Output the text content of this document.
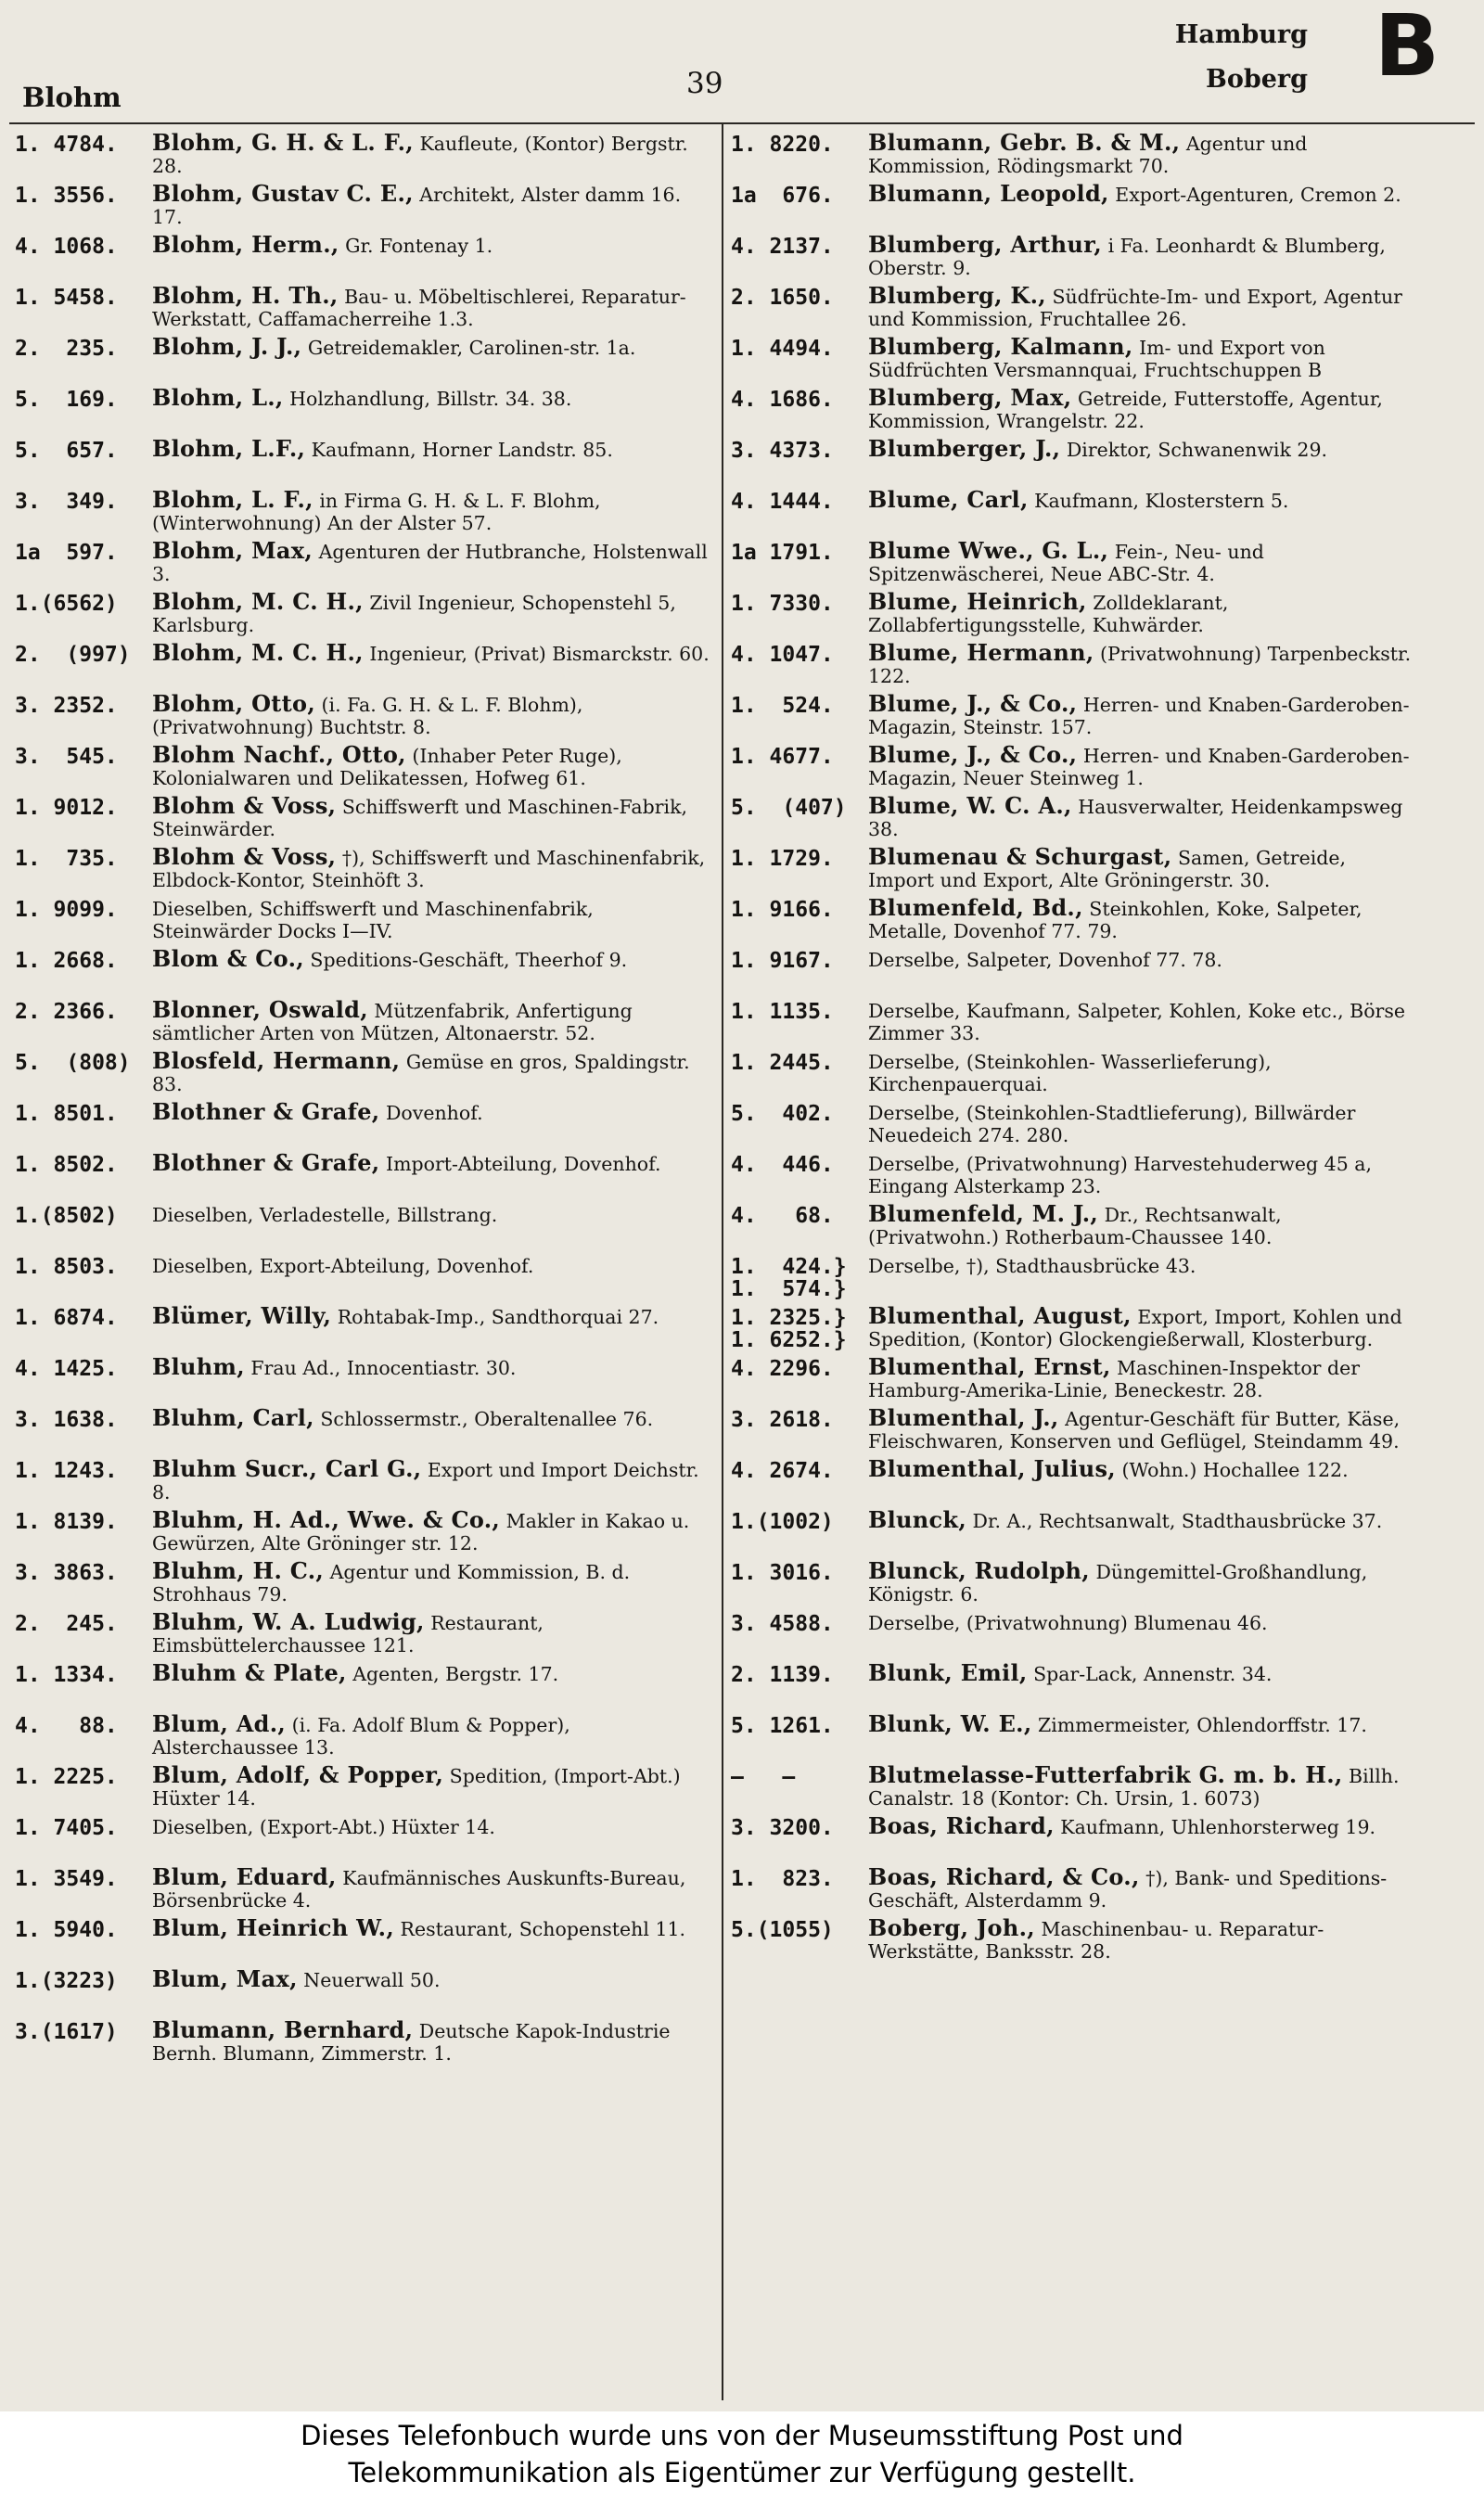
Blohm	39
Hamburg
Boberg B
1. 4784. Blohm, G. H. & L. F., Kaufleute, (Kontor) Bergstr. 28.
1. 3556. Blohm, Gustav C. E., Architekt, Alster damm 16. 17.
4. 1068. Blohm, Herm., Gr. Fontenay 1.
1. 5458. Blohm, H. Th., Bau- u. Möbeltischlerei, Reparatur-Werkstatt, Caffamacherreihe 1.3.
2.  235. Blohm, J. J., Getreidemakler, Carolinen-str. 1a.
5.  169. Blohm, L., Holzhandlung, Billstr. 34. 38.
5.  657. Blohm, L.F., Kaufmann, Horner Landstr. 85.
3.  349. Blohm, L. F., in Firma G. H. & L. F. Blohm, (Winterwohnung) An der Alster 57.
1a  597. Blohm, Max, Agenturen der Hutbranche, Holstenwall 3.
1.(6562) Blohm, M. C. H., Zivil Ingenieur, Schopenstehl 5, Karlsburg.
2.  (997) Blohm, M. C. H., Ingenieur, (Privat) Bismarckstr. 60.
3. 2352. Blohm, Otto, (i. Fa. G. H. & L. F. Blohm), (Privatwohnung) Buchtstr. 8.
3.  545. Blohm Nachf., Otto, (Inhaber Peter Ruge), Kolonialwaren und Delikatessen, Hofweg 61.
1. 9012. Blohm & Voss, Schiffswerft und Maschinen-Fabrik, Steinwärder.
1.  735. Blohm & Voss, †), Schiffswerft und Maschinenfabrik, Elbdock-Kontor, Steinhöft 3.
1. 9099. Dieselben, Schiffswerft und Maschinenfabrik, Steinwärder Docks I—IV.
1. 2668. Blom & Co., Speditions-Geschäft, Theerhof 9.
2. 2366. Blonner, Oswald, Mützenfabrik, Anfertigung sämtlicher Arten von Mützen, Altonaerstr. 52.
5.  (808) Blosfeld, Hermann, Gemüse en gros, Spaldingstr. 83.
1. 8501. Blothner & Grafe, Dovenhof.
1. 8502. Blothner & Grafe, Import-Abteilung, Dovenhof.
1.(8502) Dieselben, Verladestelle, Billstrang.
1. 8503. Dieselben, Export-Abteilung, Dovenhof.
1. 6874. Blümer, Willy, Rohtabak-Imp., Sandthorquai 27.
4. 1425. Bluhm, Frau Ad., Innocentiastr. 30.
3. 1638. Bluhm, Carl, Schlossermstr., Oberaltenallee 76.
1. 1243. Bluhm Sucr., Carl G., Export und Import Deichstr. 8.
1. 8139. Bluhm, H. Ad., Wwe. & Co., Makler in Kakao u. Gewürzen, Alte Gröninger str. 12.
3. 3863. Bluhm, H. C., Agentur und Kommission, B. d. Strohhaus 79.
2.  245. Bluhm, W. A. Ludwig, Restaurant, Eimsbüttelerchaussee 121.
1. 1334. Bluhm & Plate, Agenten, Bergstr. 17.
4.   88. Blum, Ad., (i. Fa. Adolf Blum & Popper), Alsterchaussee 13.
1. 2225. Blum, Adolf, & Popper, Spedition, (Import-Abt.) Hüxter 14.
1. 7405. Dieselben, (Export-Abt.) Hüxter 14.
1. 3549. Blum, Eduard, Kaufmännisches Auskunfts-Bureau, Börsenbrücke 4.
1. 5940. Blum, Heinrich W., Restaurant, Schopenstehl 11.
1.(3223) Blum, Max, Neuerwall 50.
3.(1617) Blumann, Bernhard, Deutsche Kapok-Industrie Bernh. Blumann, Zimmerstr. 1.
1. 8220. Blumann, Gebr. B. & M., Agentur und Kommission, Rödingsmarkt 70.
1a  676. Blumann, Leopold, Export-Agenturen, Cremon 2.
4. 2137. Blumberg, Arthur, i Fa. Leonhardt & Blumberg, Oberstr. 9.
2. 1650. Blumberg, K., Südfrüchte-Im- und Export, Agentur und Kommission, Fruchtallee 26.
1. 4494. Blumberg, Kalmann, Im- und Export von Südfrüchten Versmannquai, Fruchtschuppen B
4. 1686. Blumberg, Max, Getreide, Futterstoffe, Agentur, Kommission, Wrangelstr. 22.
3. 4373. Blumberger, J., Direktor, Schwanenwik 29.
4. 1444. Blume, Carl, Kaufmann, Klosterstern 5.
1a 1791. Blume Wwe., G. L., Fein-, Neu- und Spitzenwäscherei, Neue ABC-Str. 4.
1. 7330. Blume, Heinrich, Zolldeklarant, Zollabfertigungsstelle, Kuhwärder.
4. 1047. Blume, Hermann, (Privatwohnung) Tarpenbeckstr. 122.
1.  524. Blume, J., & Co., Herren- und Knaben-Garderoben-Magazin, Steinstr. 157.
1. 4677. Blume, J., & Co., Herren- und Knaben-Garderoben-Magazin, Neuer Steinweg 1.
5.  (407) Blume, W. C. A., Hausverwalter, Heidenkampsweg 38.
1. 1729. Blumenau & Schurgast, Samen, Getreide, Import und Export, Alte Gröningerstr. 30.
1. 9166. Blumenfeld, Bd., Steinkohlen, Koke, Salpeter, Metalle, Dovenhof 77. 79.
1. 9167. Derselbe, Salpeter, Dovenhof 77. 78.
1. 1135. Derselbe, Kaufmann, Salpeter, Kohlen, Koke etc., Börse Zimmer 33.
1. 2445. Derselbe, (Steinkohlen- Wasserlieferung), Kirchenpauerquai.
5.  402. Derselbe, (Steinkohlen-Stadtlieferung), Billwärder Neuedeich 274. 280.
4.  446. Derselbe, (Privatwohnung) Harvestehuderweg 45 a, Eingang Alsterkamp 23.
4.   68. Blumenfeld, M. J., Dr., Rechtsanwalt, (Privatwohn.) Rotherbaum-Chaussee 140.
1.  424.}
1.  574.}
Derselbe, †), Stadthausbrücke 43.
1. 2325.}
1. 6252.}
Blumenthal, August, Export, Import, Kohlen und Spedition, (Kontor) Glockengießerwall, Klosterburg.
4. 2296. Blumenthal, Ernst, Maschinen-Inspektor der Hamburg-Amerika-Linie, Beneckestr. 28.
3. 2618. Blumenthal, J., Agentur-Geschäft für Butter, Käse, Fleischwaren, Konserven und Geflügel, Steindamm 49.
4. 2674. Blumenthal, Julius, (Wohn.) Hochallee 122.
1.(1002) Blunck, Dr. A., Rechtsanwalt, Stadthausbrücke 37.
1. 3016. Blunck, Rudolph, Düngemittel-Großhandlung, Königstr. 6.
3. 4588. Derselbe, (Privatwohnung) Blumenau 46.
2. 1139. Blunk, Emil, Spar-Lack, Annenstr. 34.
5. 1261. Blunk, W. E., Zimmermeister, Ohlendorffstr. 17.
—   —	Blutmelasse-Futterfabrik G. m. b. H., Billh. Canalstr. 18 (Kontor: Ch. Ursin, 1. 6073)
3. 3200. Boas, Richard, Kaufmann, Uhlenhorsterweg 19.
1.  823. Boas, Richard, & Co., †), Bank- und Speditions-Geschäft, Alsterdamm 9.
5.(1055) Boberg, Joh., Maschinenbau- u. Reparatur-Werkstätte, Banksstr. 28.
Dieses Telefonbuch wurde uns von der Museumsstiftung Post und
Telekommunikation als Eigentümer zur Verfügung gestellt.
